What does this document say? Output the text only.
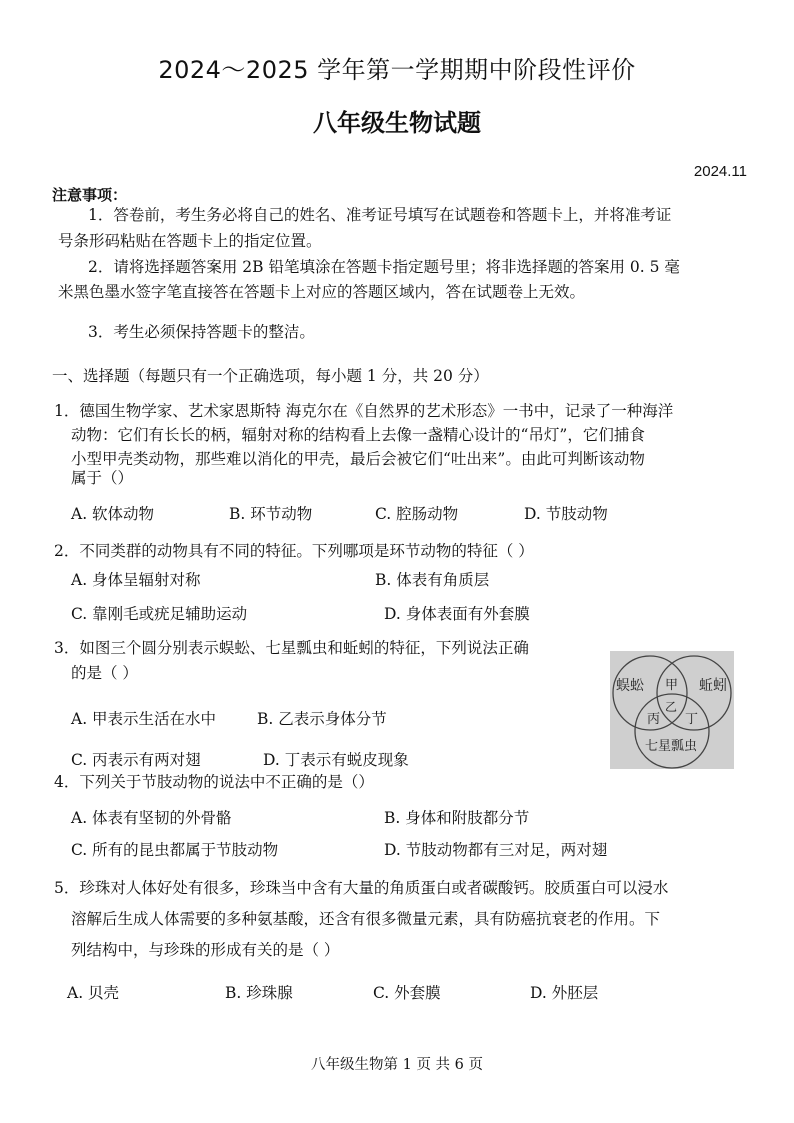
2024～2025 学年第一学期期中阶段性评价
八年级生物试题
2024.11
注意事项：
1．答卷前，考生务必将自己的姓名、准考证号填写在试题卷和答题卡上，并将准考证
号条形码粘贴在答题卡上的指定位置。
2．请将选择题答案用 2B 铅笔填涂在答题卡指定题号里；将非选择题的答案用 0. 5 毫
米黑色墨水签字笔直接答在答题卡上对应的答题区域内，答在试题卷上无效。
3．考生必须保持答题卡的整洁。
一、选择题（每题只有一个正确选项，每小题 1 分，共 20 分）
1．德国生物学家、艺术家恩斯特 海克尔在《自然界的艺术形态》一书中，记录了一种海洋
动物：它们有长长的柄，辐射对称的结构看上去像一盏精心设计的“吊灯”，它们捕食
小型甲壳类动物，那些难以消化的甲壳，最后会被它们“吐出来”。由此可判断该动物
属于（）
A. 软体动物	B. 环节动物	C. 腔肠动物	D. 节肢动物
2．不同类群的动物具有不同的特征。下列哪项是环节动物的特征（ ）
A. 身体呈辐射对称	B. 体表有角质层
C. 靠刚毛或疣足辅助运动	D. 身体表面有外套膜
3．如图三个圆分别表示蜈蚣、七星瓢虫和蚯蚓的特征，下列说法正确
的是（ ）
A. 甲表示生活在水中	B. 乙表示身体分节
C. 丙表示有两对翅	D. 丁表示有蜕皮现象
蜈蚣	蚯蚓
七星瓢虫
甲
乙
丙 丁
4．下列关于节肢动物的说法中不正确的是（）
A. 体表有坚韧的外骨骼	B. 身体和附肢都分节
C. 所有的昆虫都属于节肢动物	D. 节肢动物都有三对足，两对翅
5．珍珠对人体好处有很多，珍珠当中含有大量的角质蛋白或者碳酸钙。胶质蛋白可以浸水
溶解后生成人体需要的多种氨基酸，还含有很多微量元素，具有防癌抗衰老的作用。下
列结构中，与珍珠的形成有关的是（ ）
A. 贝壳	B. 珍珠腺	C. 外套膜	D. 外胚层
八年级生物第 1 页 共 6 页
